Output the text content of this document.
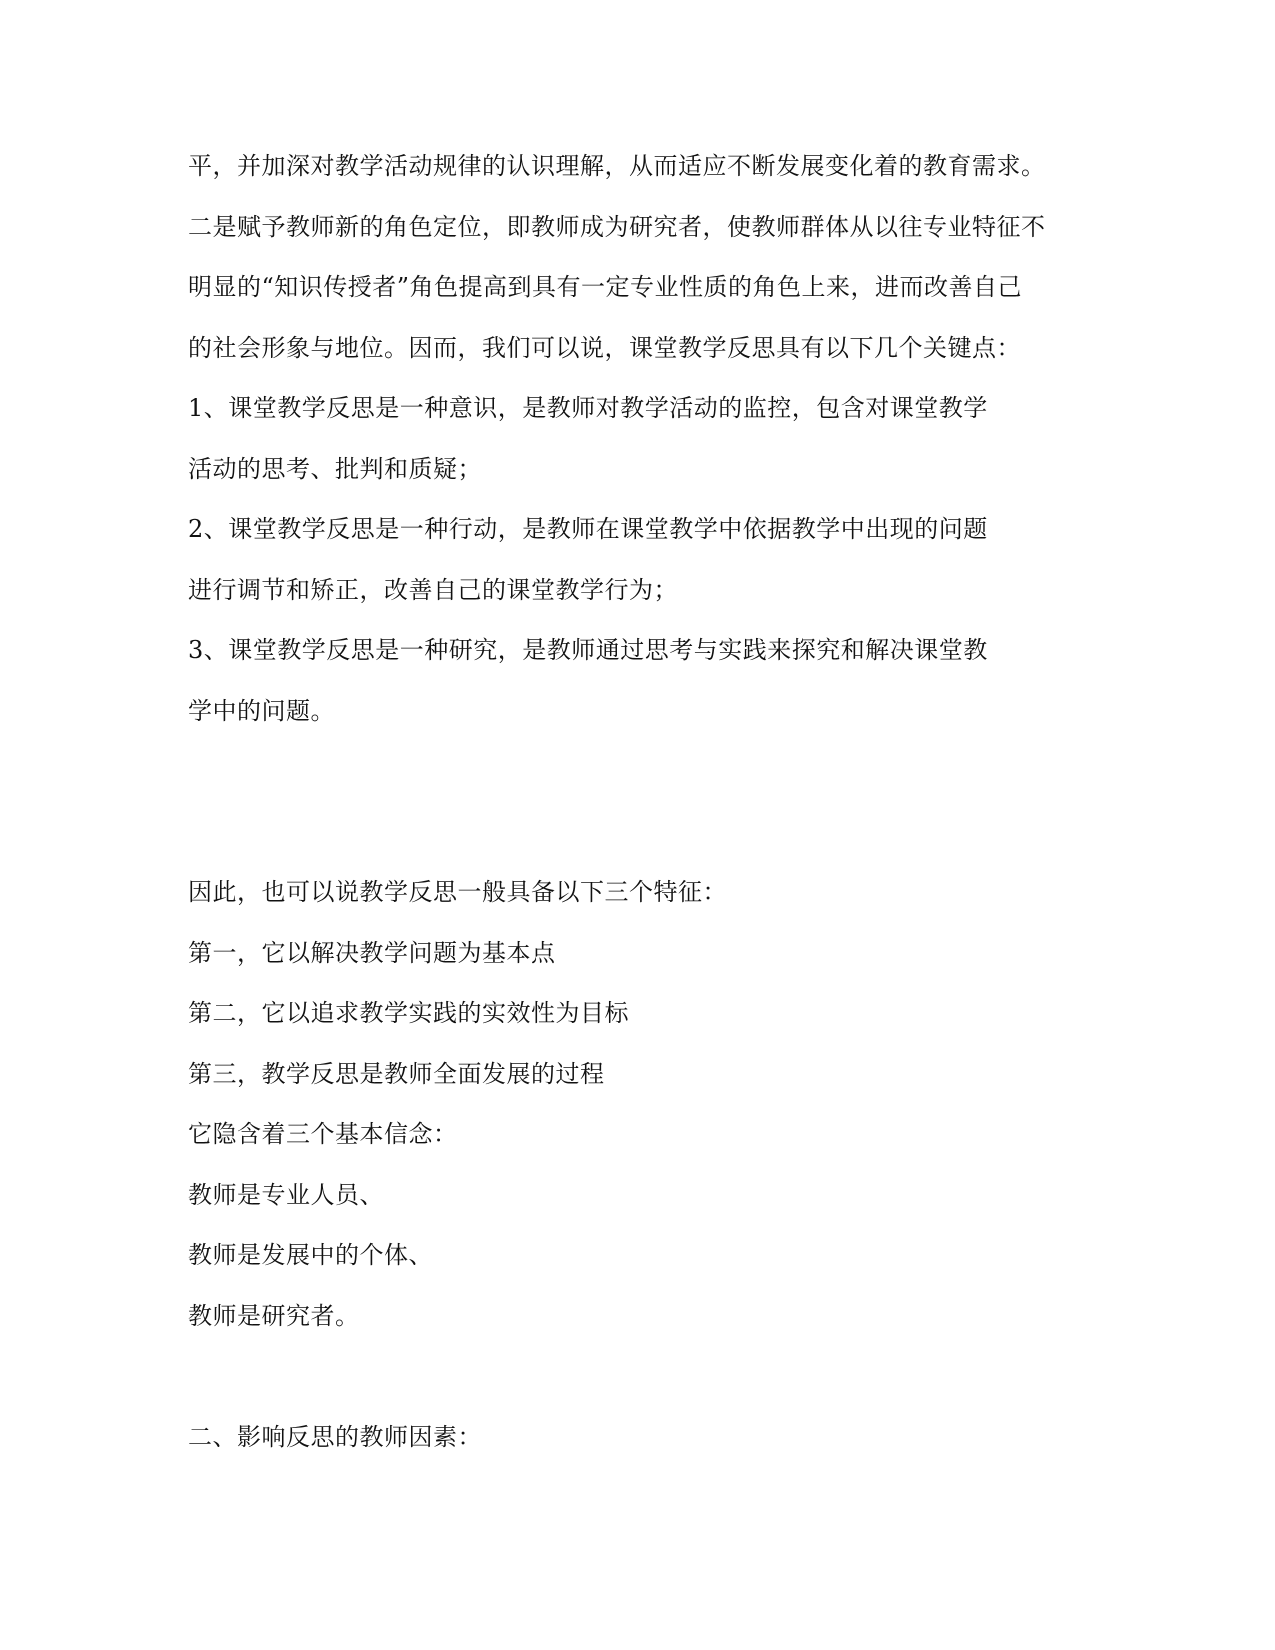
平，并加深对教学活动规律的认识理解，从而适应不断发展变化着的教育需求。
二是赋予教师新的角色定位，即教师成为研究者，使教师群体从以往专业特征不
明显的“知识传授者”角色提高到具有一定专业性质的角色上来，进而改善自己
的社会形象与地位。因而，我们可以说，课堂教学反思具有以下几个关键点：
1、课堂教学反思是一种意识，是教师对教学活动的监控，包含对课堂教学
活动的思考、批判和质疑；
2、课堂教学反思是一种行动，是教师在课堂教学中依据教学中出现的问题
进行调节和矫正，改善自己的课堂教学行为；
3、课堂教学反思是一种研究，是教师通过思考与实践来探究和解决课堂教
学中的问题。
因此，也可以说教学反思一般具备以下三个特征：
第一，它以解决教学问题为基本点
第二，它以追求教学实践的实效性为目标
第三，教学反思是教师全面发展的过程
它隐含着三个基本信念：
教师是专业人员、
教师是发展中的个体、
教师是研究者。
二、影响反思的教师因素：
